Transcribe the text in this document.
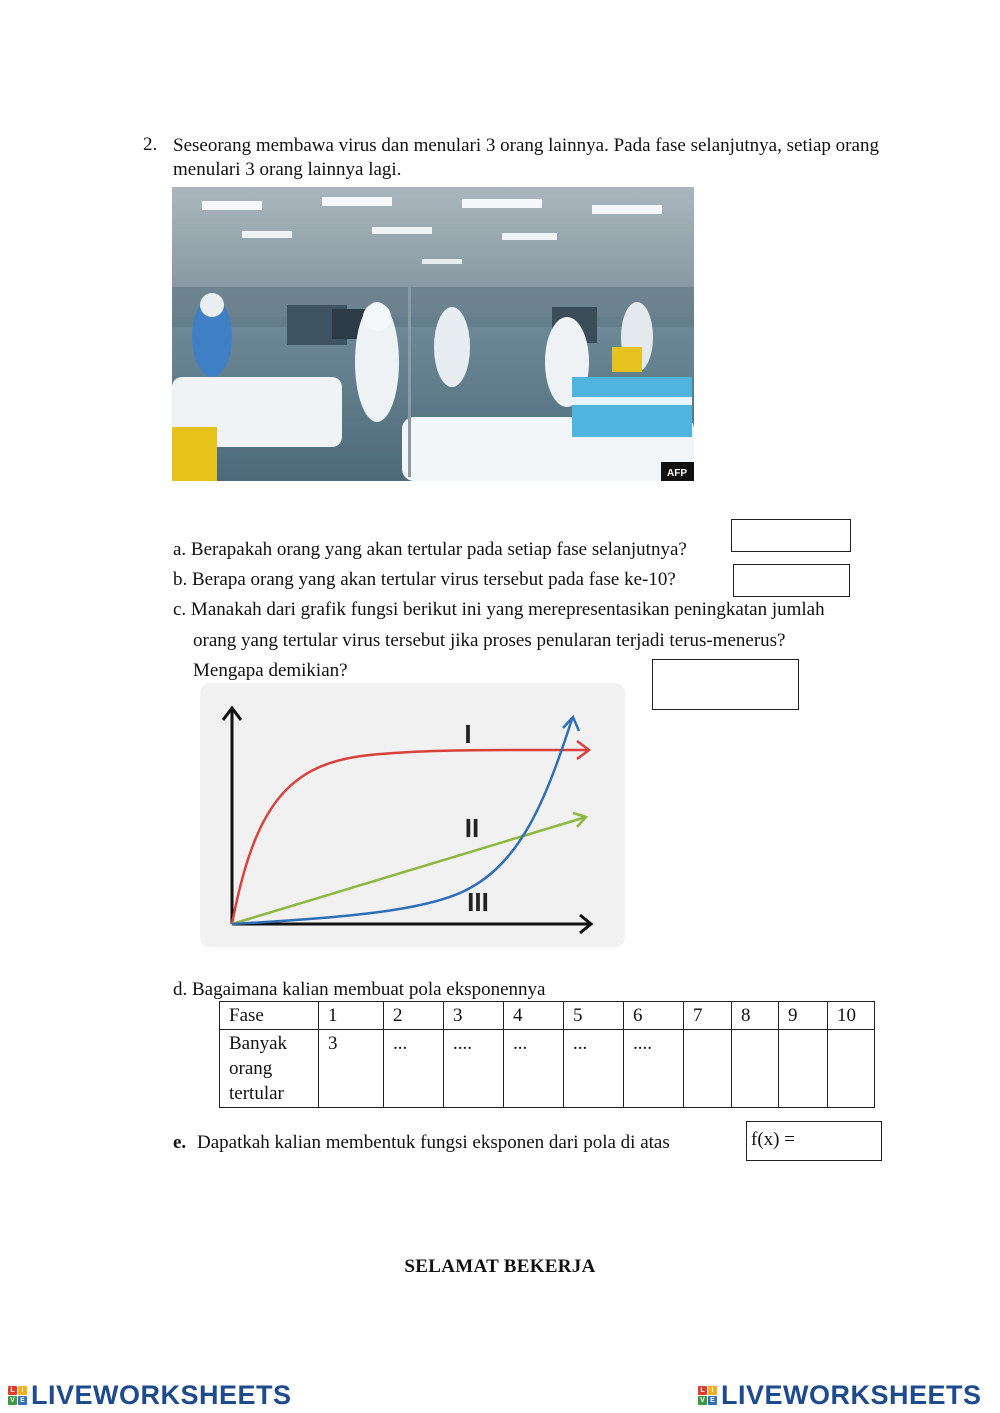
2. Seseorang membawa virus dan menulari 3 orang lainnya. Pada fase selanjutnya, setiap orang menulari 3 orang lainnya lagi.
AFP
a. Berapakah orang yang akan tertular pada setiap fase selanjutnya?
b. Berapa orang yang akan tertular virus tersebut pada fase ke-10?
c. Manakah dari grafik fungsi berikut ini yang merepresentasikan peningkatan jumlah
orang yang tertular virus tersebut jika proses penularan terjadi terus-menerus?
Mengapa demikian?
I
II
III
d. Bagaimana kalian membuat pola eksponennya
Fase	1	2	3	4	5	6	7	8	9	10

Banyak
orang
tertular	3	...	....	...	...	....				
e. Dapatkah kalian membentuk fungsi eksponen dari pola di atas	f(x) =
SELAMAT BEKERJA
L I
V E LIVEWORKSHEETS	L I
V E LIVEWORKSHEETS
